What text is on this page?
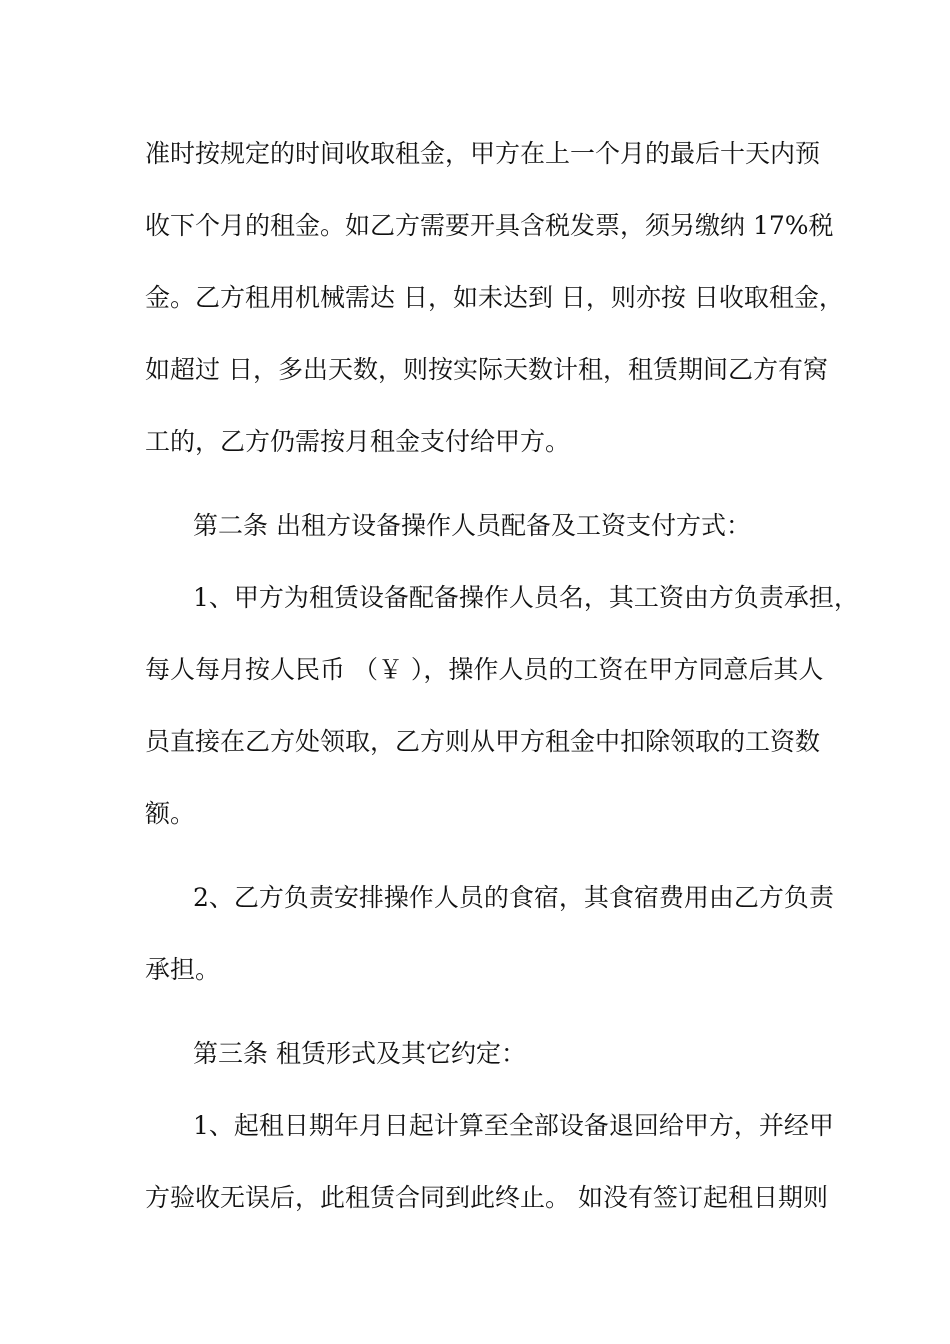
准时按规定的时间收取租金，甲方在上一个月的最后十天内预
收下个月的租金。如乙方需要开具含税发票，须另缴纳 17%税
金。乙方租用机械需达 日，如未达到 日，则亦按 日收取租金，
如超过 日，多出天数，则按实际天数计租，租赁期间乙方有窝
工的，乙方仍需按月租金支付给甲方。
第二条 出租方设备操作人员配备及工资支付方式：
1、甲方为租赁设备配备操作人员名，其工资由方负责承担，
每人每月按人民币 （￥ ），操作人员的工资在甲方同意后其人
员直接在乙方处领取，乙方则从甲方租金中扣除领取的工资数
额。
2、乙方负责安排操作人员的食宿，其食宿费用由乙方负责
承担。
第三条 租赁形式及其它约定：
1、起租日期年月日起计算至全部设备退回给甲方，并经甲
方验收无误后，此租赁合同到此终止。 如没有签订起租日期则
